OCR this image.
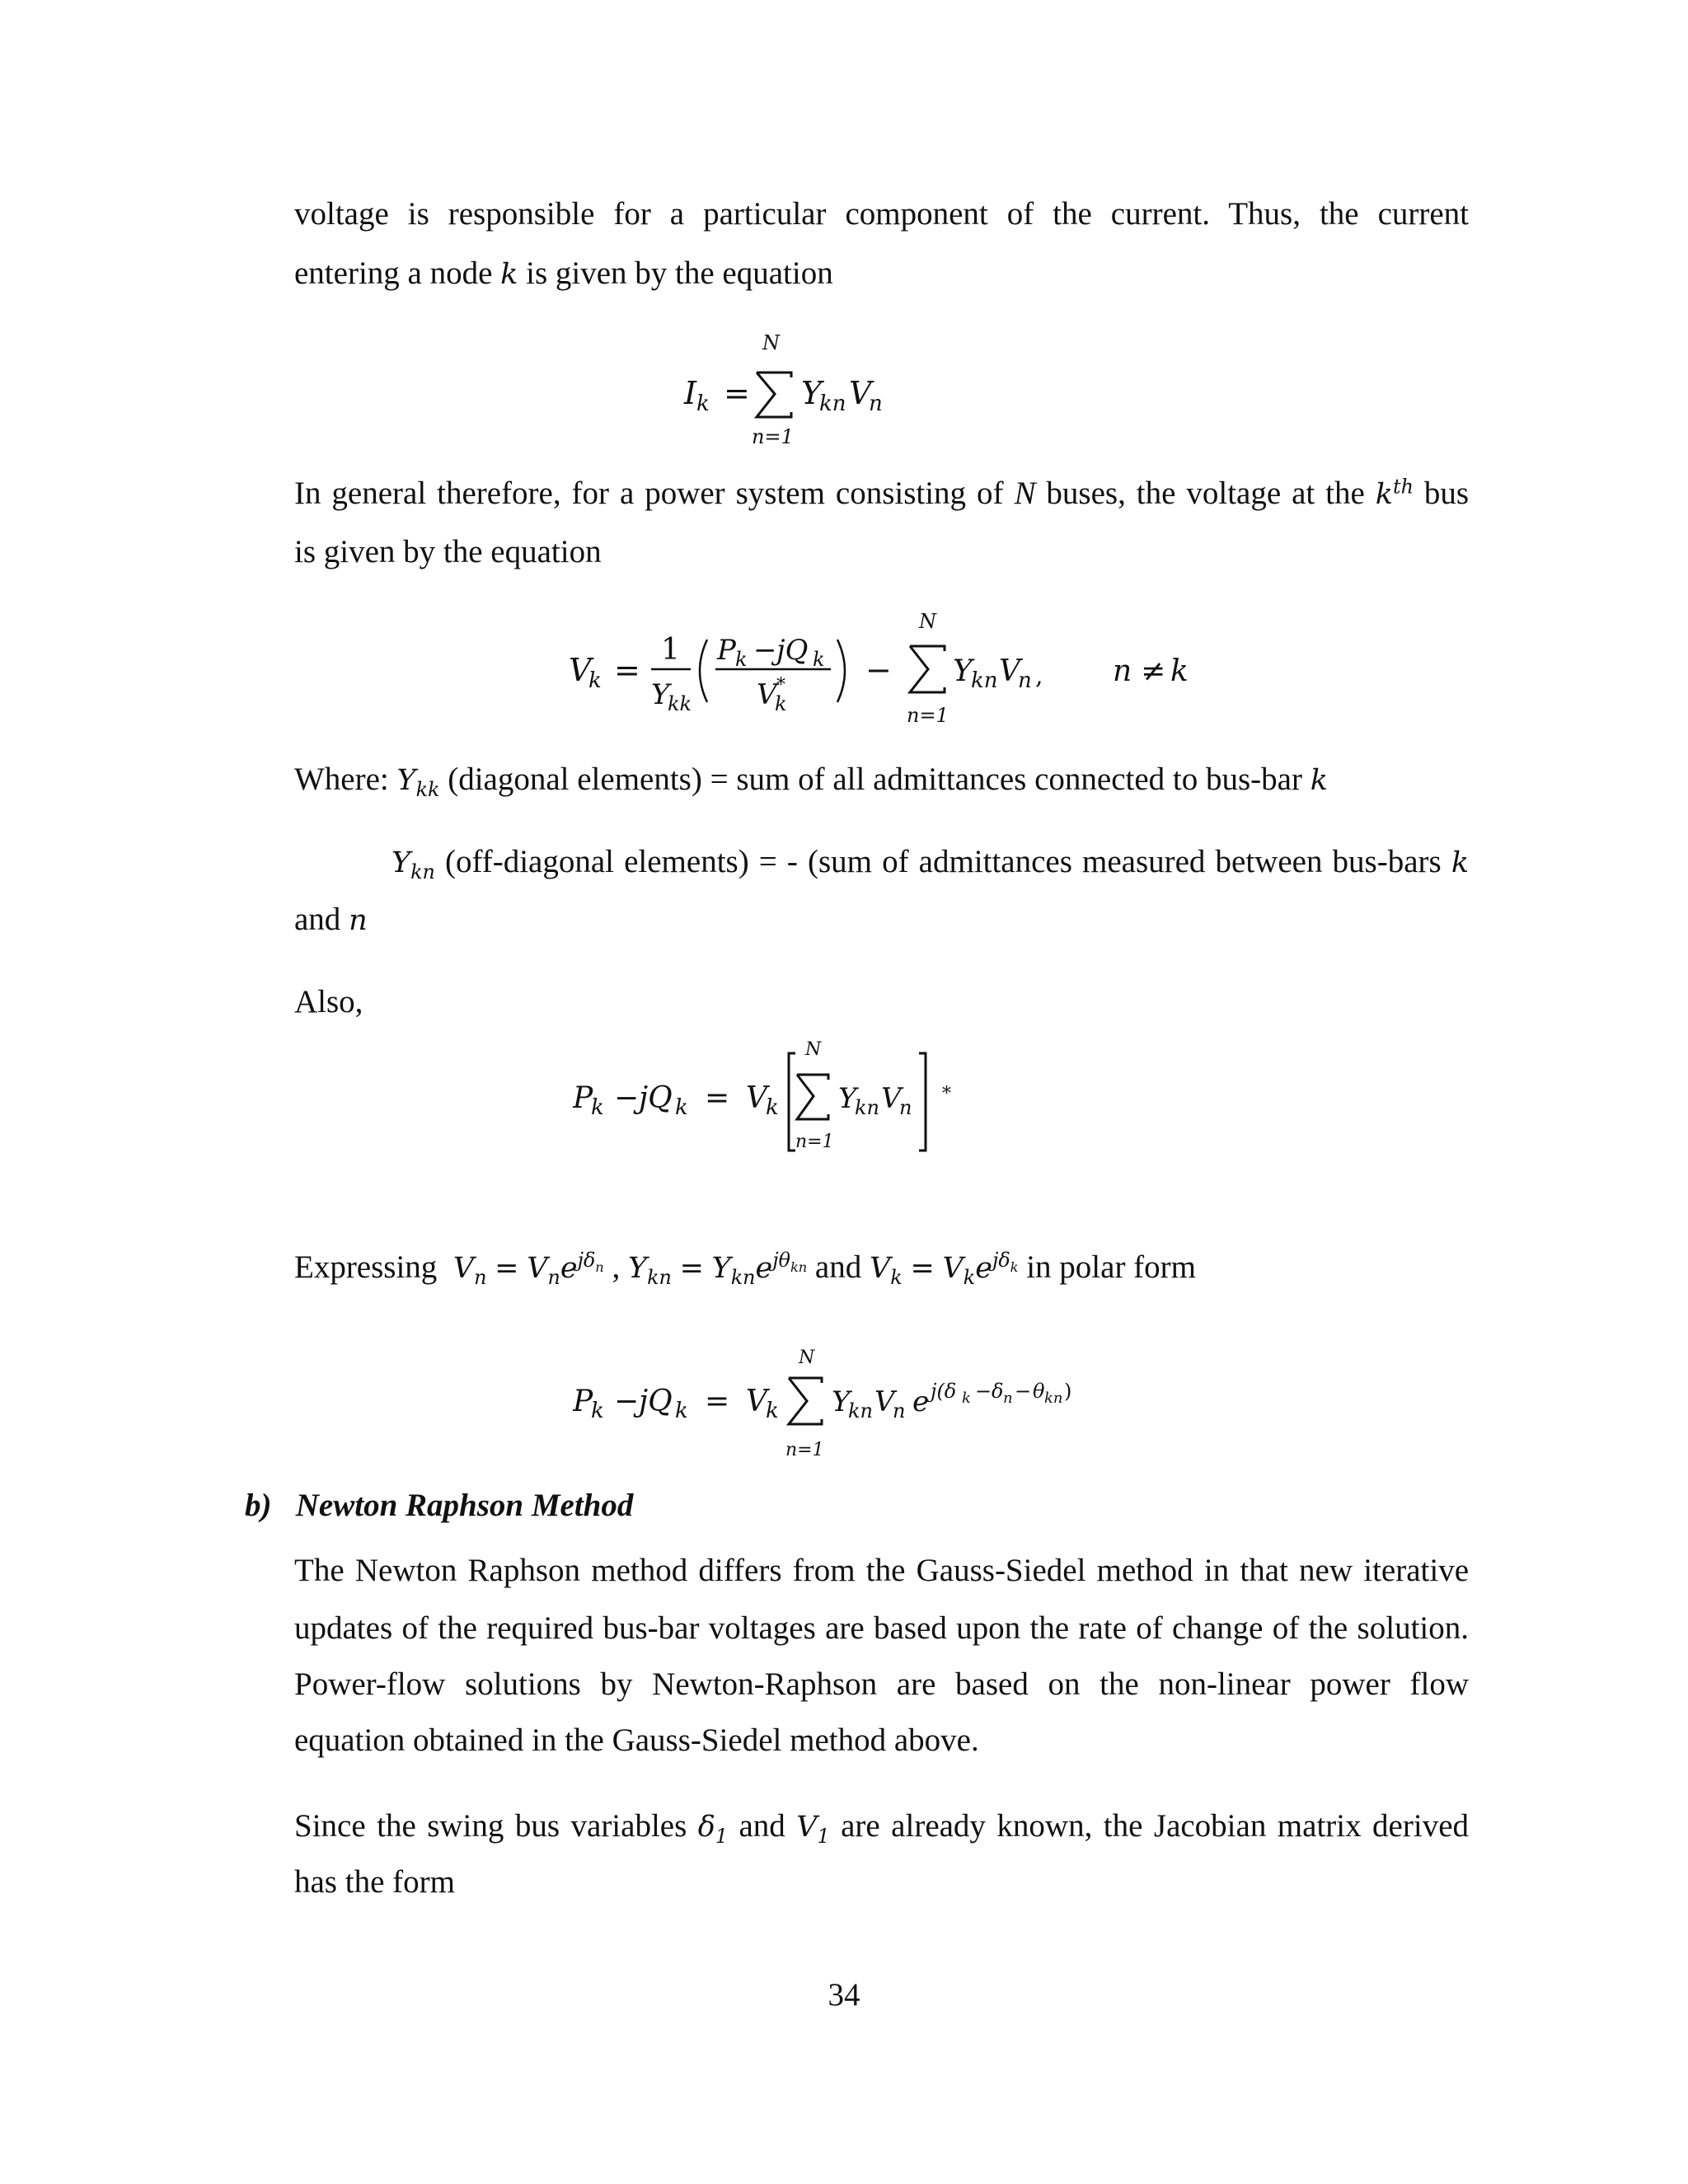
voltage is responsible for a particular component of the current. Thus, the current
entering a node k is given by the equation
N
I k = Y
kn V
n
n=1
In general therefore, for a power system consisting of N buses, the voltage at the $k^{th}$ bus
is given by the equation
V
k =
1
Y
kk
P k − jQ k
V
k
*	−
N
Y
kn V
n ,
n=1
n ≠ k
Where: $Y_{kk}$ (diagonal elements) = sum of all admittances connected to bus-bar k
$Y_{kn}$ (off-diagonal elements) = - (sum of admittances measured between bus-bars k
and n
Also,
P
k − jQ k = V
k
N
Y
kn V
n
n=1
*
Expressing $V_n = V_ne^{j\delta_n}$ , $Y_{kn} = Y_{kn}e^{j\theta_{kn}}$ and $V_k = V_ke^{j\delta_k}$ in polar form
P
k − jQ k = V
k
N
Y
kn V
n e j(δ k − δ n − θ kn )
n=1
b) Newton Raphson Method
The Newton Raphson method differs from the Gauss-Siedel method in that new iterative
updates of the required bus-bar voltages are based upon the rate of change of the solution.
Power-flow solutions by Newton-Raphson are based on the non-linear power flow
equation obtained in the Gauss-Siedel method above.
Since the swing bus variables $\delta_1$ and $V_1$ are already known, the Jacobian matrix derived
has the form
34
